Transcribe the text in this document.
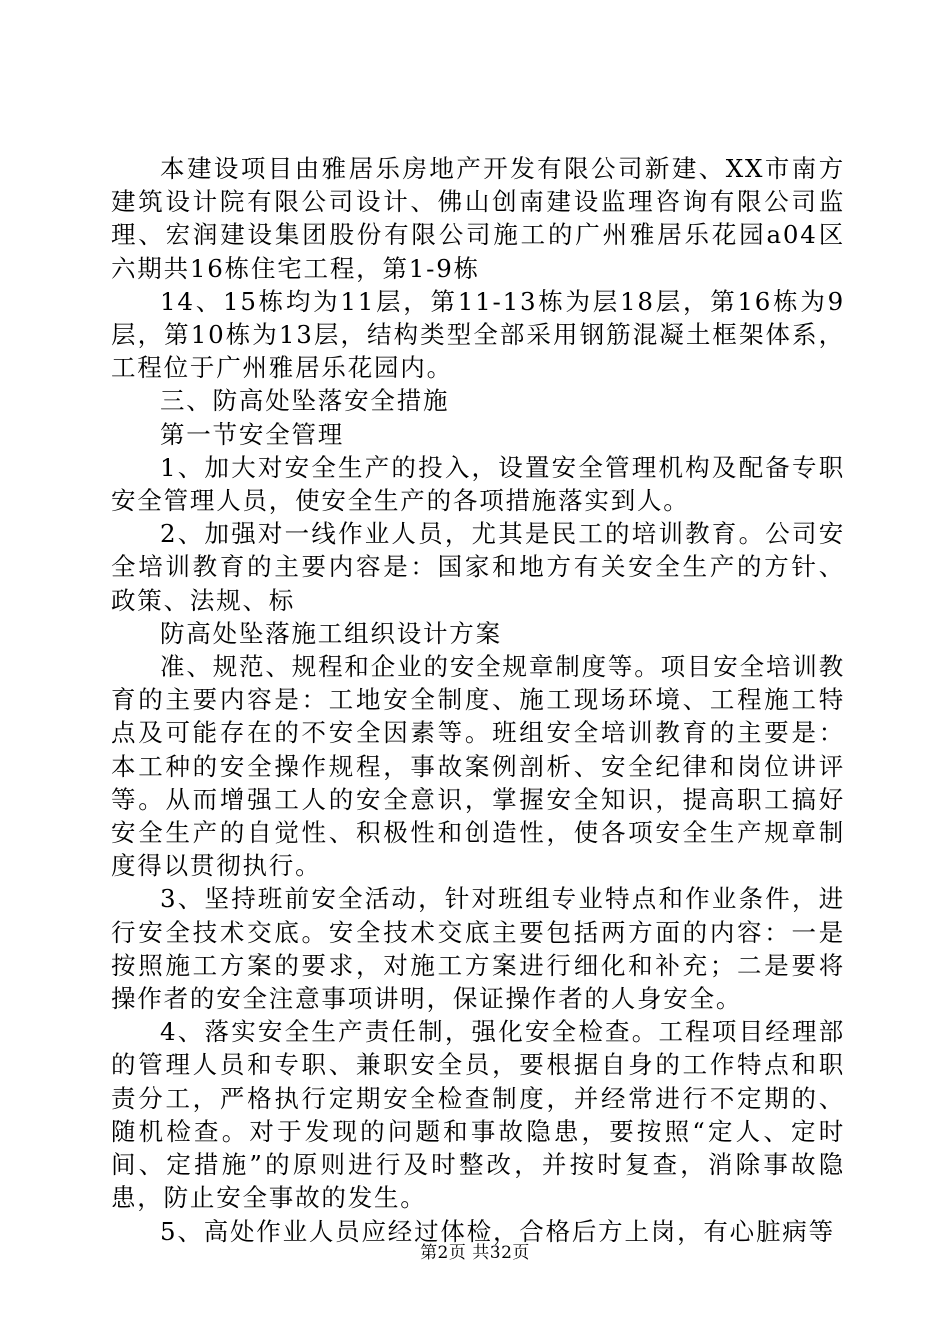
本建设项目由雅居乐房地产开发有限公司新建、XX市南方建筑设计院有限公司设计、佛山创南建设监理咨询有限公司监理、宏润建设集团股份有限公司施工的广州雅居乐花园a04区六期共16栋住宅工程，第1-9栋

14、15栋均为11层，第11-13栋为层18层，第16栋为9层，第10栋为13层，结构类型全部采用钢筋混凝土框架体系，工程位于广州雅居乐花园内。

三、防高处坠落安全措施

第一节安全管理

1、加大对安全生产的投入，设置安全管理机构及配备专职安全管理人员，使安全生产的各项措施落实到人。

2、加强对一线作业人员，尤其是民工的培训教育。公司安全培训教育的主要内容是：国家和地方有关安全生产的方针、政策、法规、标

防高处坠落施工组织设计方案

准、规范、规程和企业的安全规章制度等。项目安全培训教育的主要内容是：工地安全制度、施工现场环境、工程施工特点及可能存在的不安全因素等。班组安全培训教育的主要是：本工种的安全操作规程，事故案例剖析、安全纪律和岗位讲评等。从而增强工人的安全意识，掌握安全知识，提高职工搞好安全生产的自觉性、积极性和创造性，使各项安全生产规章制度得以贯彻执行。

3、坚持班前安全活动，针对班组专业特点和作业条件，进行安全技术交底。安全技术交底主要包括两方面的内容：一是按照施工方案的要求，对施工方案进行细化和补充；二是要将操作者的安全注意事项讲明，保证操作者的人身安全。

4、落实安全生产责任制，强化安全检查。工程项目经理部的管理人员和专职、兼职安全员，要根据自身的工作特点和职责分工，严格执行定期安全检查制度，并经常进行不定期的、随机检查。对于发现的问题和事故隐患，要按照“定人、定时间、定措施”的原则进行及时整改，并按时复查，消除事故隐患，防止安全事故的发生。

5、高处作业人员应经过体检，合格后方上岗，有心脏病等

第2页 共32页
